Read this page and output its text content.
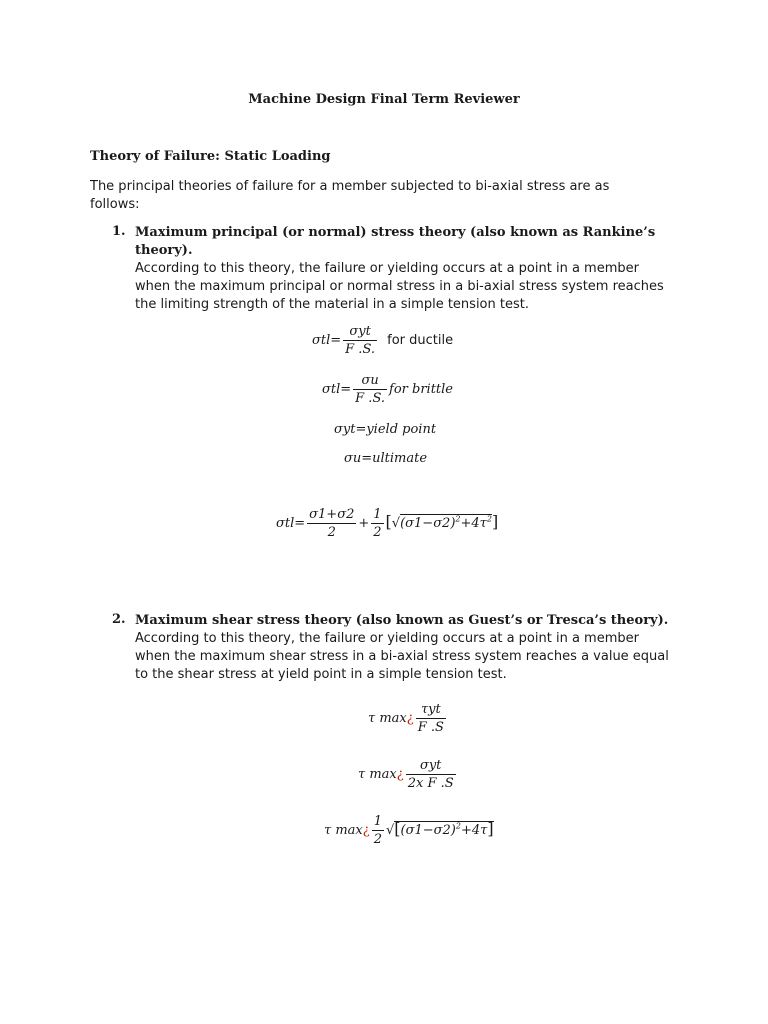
Machine Design Final Term Reviewer
Theory of Failure: Static Loading
The principal theories of failure for a member subjected to bi-axial stress are as follows:
1. Maximum principal (or normal) stress theory (also known as Rankine’s theory).
According to this theory, the failure or yielding occurs at a point in a member when the maximum principal or normal stress in a bi-axial stress system reaches the limiting strength of the material in a simple tension test.
$\sigma tl= \frac{\text{σyt}}{F .S.}$ for ductile
$\sigma tl= \frac{\sigma u}{F .S.}$ for brittle
σyt=yield point
σu=ultimate
$\sigma tl= \frac{\sigma 1+\sigma 2}{2} + \frac{1}{2} [√(\sigma 1-\sigma 2)^2+4\tau^2]$
2. Maximum shear stress theory (also known as Guest’s or Tresca’s theory).
According to this theory, the failure or yielding occurs at a point in a member when the maximum shear stress in a bi-axial stress system reaches a value equal to the shear stress at yield point in a simple tension test.
τ max¿ $\frac{\text{τyt}}{F .S}$
τ max¿ $\frac{\text{σyt}}{\text{2x F .S}}$
τ max¿ $\frac{1}{2} √[(\sigma 1-\sigma 2)^2+4\tau]$
